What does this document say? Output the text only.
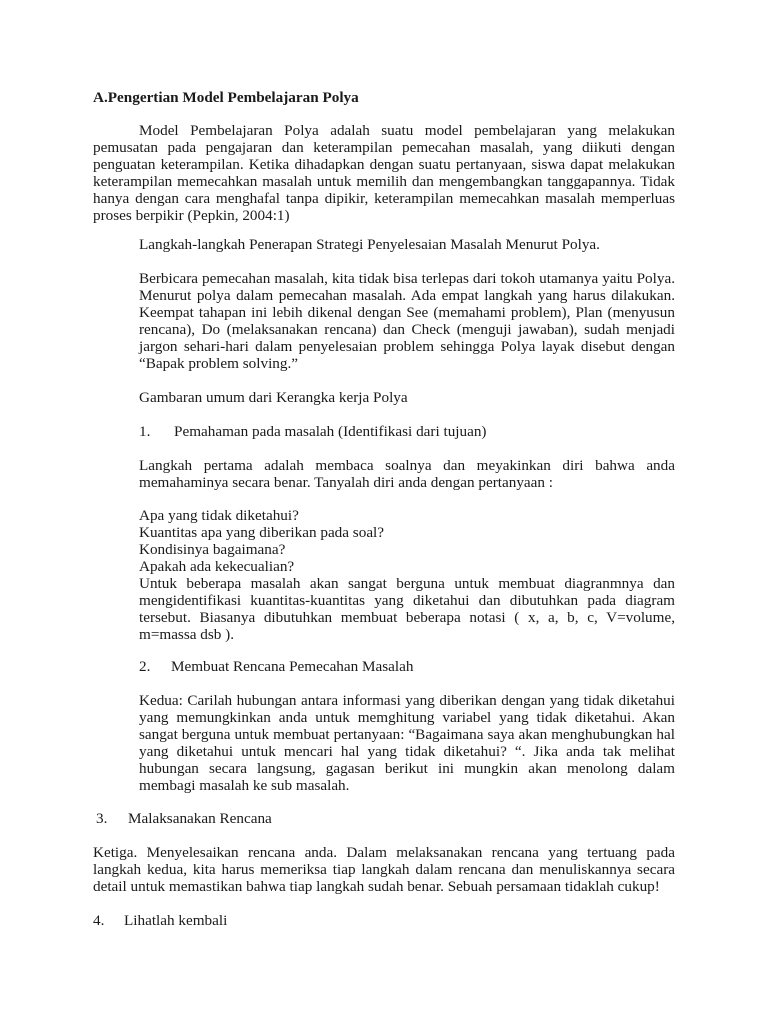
A.Pengertian Model Pembelajaran Polya

Model Pembelajaran Polya adalah suatu model pembelajaran yang melakukan pemusatan pada pengajaran dan keterampilan pemecahan masalah, yang diikuti dengan penguatan keterampilan. Ketika dihadapkan dengan suatu pertanyaan, siswa dapat melakukan keterampilan memecahkan masalah untuk memilih dan mengembangkan tanggapannya. Tidak hanya dengan cara menghafal tanpa dipikir, keterampilan memecahkan masalah memperluas proses berpikir (Pepkin, 2004:1)

Langkah-langkah Penerapan Strategi Penyelesaian Masalah Menurut Polya.

Berbicara pemecahan masalah, kita tidak bisa terlepas dari tokoh utamanya yaitu Polya. Menurut polya dalam pemecahan masalah. Ada empat langkah yang harus dilakukan. Keempat tahapan ini lebih dikenal dengan See (memahami problem), Plan (menyusun rencana), Do (melaksanakan rencana) dan Check (menguji jawaban), sudah menjadi jargon sehari-hari dalam penyelesaian problem sehingga Polya layak disebut dengan “Bapak problem solving.”

Gambaran umum dari Kerangka kerja Polya

1. Pemahaman pada masalah (Identifikasi dari tujuan)

Langkah pertama adalah membaca soalnya dan meyakinkan diri bahwa anda memahaminya secara benar. Tanyalah diri anda dengan pertanyaan :

Apa yang tidak diketahui?
Kuantitas apa yang diberikan pada soal?
Kondisinya bagaimana?
Apakah ada kekecualian?

Untuk beberapa masalah akan sangat berguna untuk membuat diagranmnya dan mengidentifikasi kuantitas-kuantitas yang diketahui dan dibutuhkan pada diagram tersebut. Biasanya dibutuhkan membuat beberapa notasi ( x, a, b, c, V=volume, m=massa dsb ).

2. Membuat Rencana Pemecahan Masalah

Kedua: Carilah hubungan antara informasi yang diberikan dengan yang tidak diketahui yang memungkinkan anda untuk memghitung variabel yang tidak diketahui. Akan sangat berguna untuk membuat pertanyaan: “Bagaimana saya akan menghubungkan hal yang diketahui untuk mencari hal yang tidak diketahui? “. Jika anda tak melihat hubungan secara langsung, gagasan berikut ini mungkin akan menolong dalam membagi masalah ke sub masalah.

3. Malaksanakan Rencana

Ketiga. Menyelesaikan rencana anda. Dalam melaksanakan rencana yang tertuang pada langkah kedua, kita harus memeriksa tiap langkah dalam rencana dan menuliskannya secara detail untuk memastikan bahwa tiap langkah sudah benar. Sebuah persamaan tidaklah cukup!

4. Lihatlah kembali
